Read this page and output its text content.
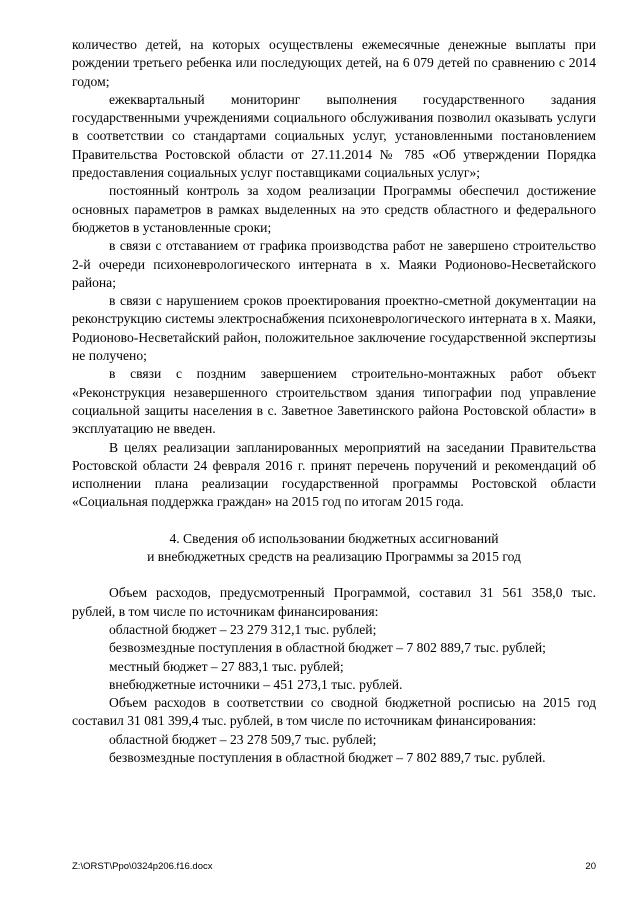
количество детей, на которых осуществлены ежемесячные денежные выплаты при рождении третьего ребенка или последующих детей, на 6 079 детей по сравнению с 2014 годом;

ежеквартальный мониторинг выполнения государственного задания государственными учреждениями социального обслуживания позволил оказывать услуги в соответствии со стандартами социальных услуг, установленными постановлением Правительства Ростовской области от 27.11.2014 № 785 «Об утверждении Порядка предоставления социальных услуг поставщиками социальных услуг»;

постоянный контроль за ходом реализации Программы обеспечил достижение основных параметров в рамках выделенных на это средств областного и федерального бюджетов в установленные сроки;

в связи с отставанием от графика производства работ не завершено строительство 2-й очереди психоневрологического интерната в х. Маяки Родионово-Несветайского района;

в связи с нарушением сроков проектирования проектно-сметной документации на реконструкцию системы электроснабжения психоневрологического интерната в х. Маяки, Родионово-Несветайский район, положительное заключение государственной экспертизы не получено;

в связи с поздним завершением строительно-монтажных работ объект «Реконструкция незавершенного строительством здания типографии под управление социальной защиты населения в с. Заветное Заветинского района Ростовской области» в эксплуатацию не введен.

В целях реализации запланированных мероприятий на заседании Правительства Ростовской области 24 февраля 2016 г. принят перечень поручений и рекомендаций об исполнении плана реализации государственной программы Ростовской области «Социальная поддержка граждан» на 2015 год по итогам 2015 года.

4. Сведения об использовании бюджетных ассигнований
и внебюджетных средств на реализацию Программы за 2015 год

Объем расходов, предусмотренный Программой, составил 31 561 358,0 тыс. рублей, в том числе по источникам финансирования:

областной бюджет – 23 279 312,1 тыс. рублей;

безвозмездные поступления в областной бюджет – 7 802 889,7 тыс. рублей;

местный бюджет – 27 883,1 тыс. рублей;

внебюджетные источники – 451 273,1 тыс. рублей.

Объем расходов в соответствии со сводной бюджетной росписью на 2015 год составил 31 081 399,4 тыс. рублей, в том числе по источникам финансирования:

областной бюджет – 23 278 509,7 тыс. рублей;

безвозмездные поступления в областной бюджет – 7 802 889,7 тыс. рублей.

Z:\ORST\Ppo\0324p206.f16.docx	20
